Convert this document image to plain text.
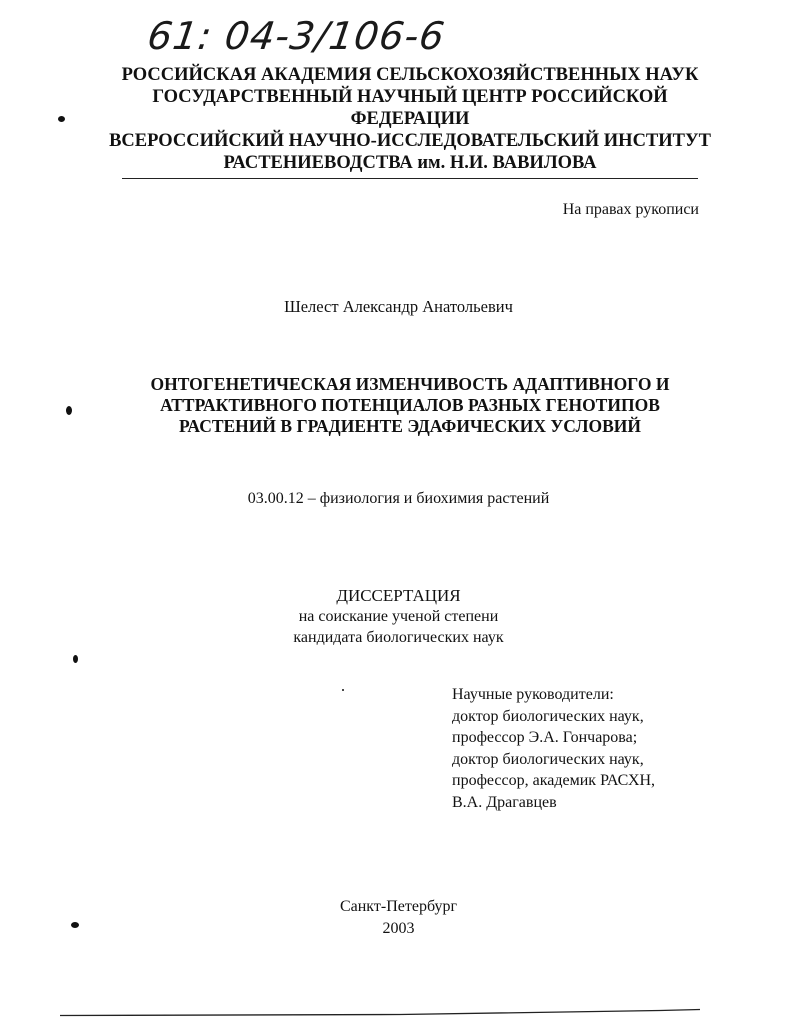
61: 04-3/106-6
РОССИЙСКАЯ АКАДЕМИЯ СЕЛЬСКОХОЗЯЙСТВЕННЫХ НАУК
ГОСУДАРСТВЕННЫЙ НАУЧНЫЙ ЦЕНТР РОССИЙСКОЙ
ФЕДЕРАЦИИ
ВСЕРОССИЙСКИЙ НАУЧНО-ИССЛЕДОВАТЕЛЬСКИЙ ИНСТИТУТ
РАСТЕНИЕВОДСТВА им. Н.И. ВАВИЛОВА
На правах рукописи
Шелест Александр Анатольевич
ОНТОГЕНЕТИЧЕСКАЯ ИЗМЕНЧИВОСТЬ АДАПТИВНОГО И
АТТРАКТИВНОГО ПОТЕНЦИАЛОВ РАЗНЫХ ГЕНОТИПОВ
РАСТЕНИЙ В ГРАДИЕНТЕ ЭДАФИЧЕСКИХ УСЛОВИЙ
03.00.12 – физиология и биохимия растений
ДИССЕРТАЦИЯ
на соискание ученой степени
кандидата биологических наук
Научные руководители:
доктор биологических наук,
профессор Э.А. Гончарова;
доктор биологических наук,
профессор, академик РАСХН,
В.А. Драгавцев
Санкт-Петербург
2003
